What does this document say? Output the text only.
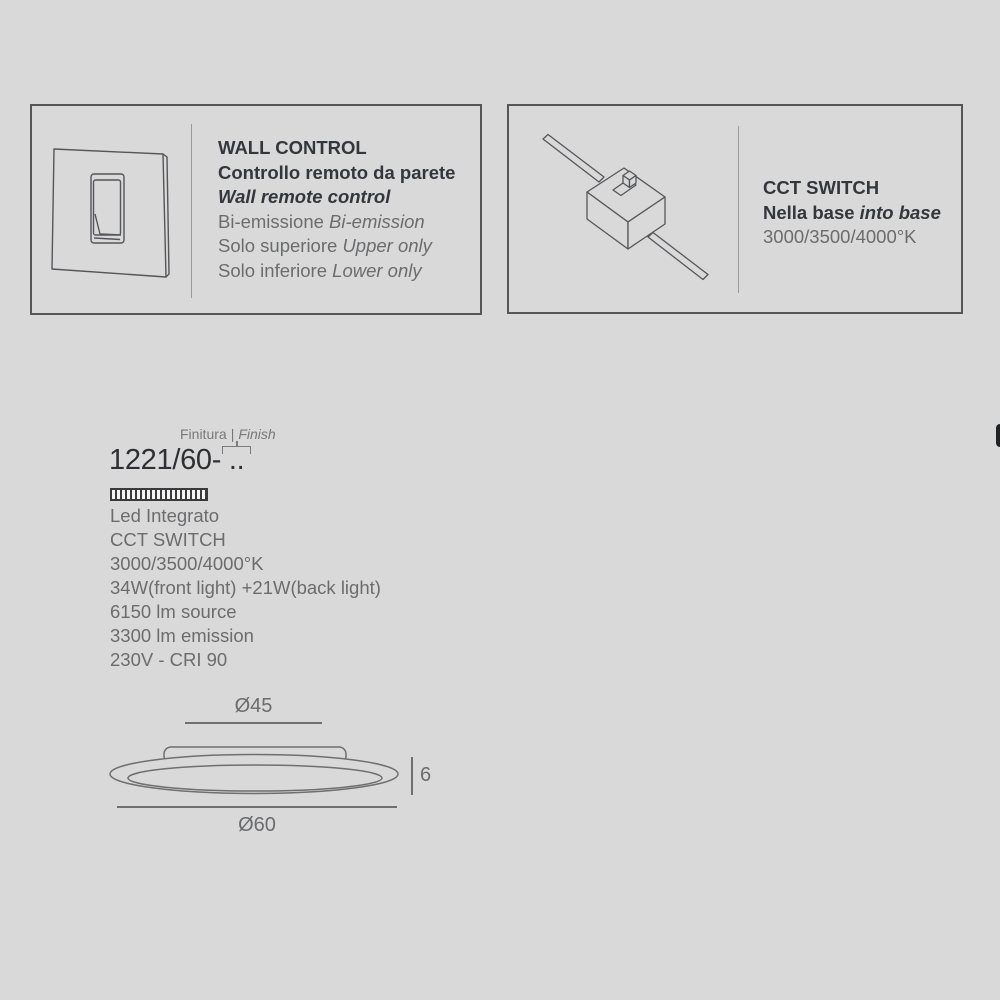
WALL CONTROL
Controllo remoto da parete
Wall remote control
Bi-emissione Bi-emission
Solo superiore Upper only
Solo inferiore Lower only
CCT SWITCH
Nella base into base
3000/3500/4000°K
Finitura | Finish
1221/60- ..
Led Integrato
CCT SWITCH
3000/3500/4000°K
34W(front light) +21W(back light)
6150 lm source
3300 lm emission
230V - CRI 90
Ø45
6
Ø60
